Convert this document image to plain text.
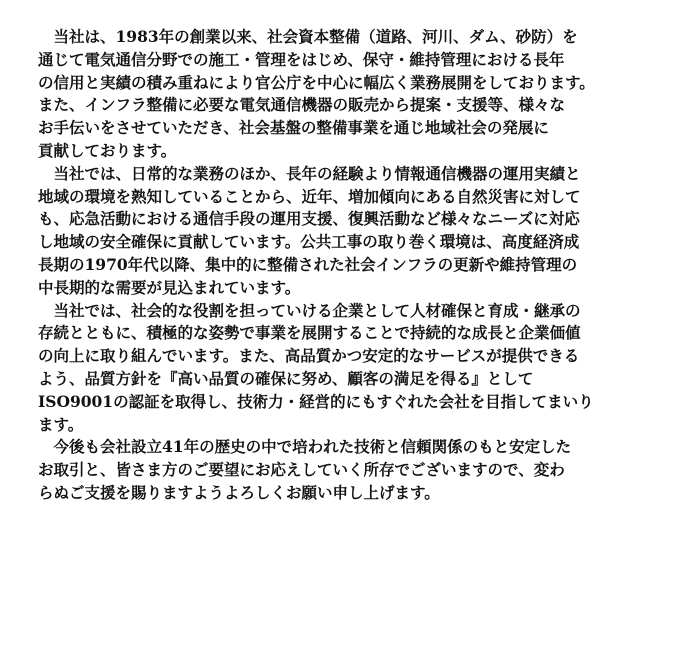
　当社は、1983年の創業以来、社会資本整備（道路、河川、ダム、砂防）を
通じて電気通信分野での施工・管理をはじめ、保守・維持管理における長年
の信用と実績の積み重ねにより官公庁を中心に幅広く業務展開をしております。
また、インフラ整備に必要な電気通信機器の販売から提案・支援等、様々な
お手伝いをさせていただき、社会基盤の整備事業を通じ地域社会の発展に
貢献しております。
　当社では、日常的な業務のほか、長年の経験より情報通信機器の運用実績と
地域の環境を熟知していることから、近年、増加傾向にある自然災害に対して
も、応急活動における通信手段の運用支援、復興活動など様々なニーズに対応
し地域の安全確保に貢献しています。公共工事の取り巻く環境は、高度経済成
長期の1970年代以降、集中的に整備された社会インフラの更新や維持管理の
中長期的な需要が見込まれています。
　当社では、社会的な役割を担っていける企業として人材確保と育成・継承の
存続とともに、積極的な姿勢で事業を展開することで持続的な成長と企業価値
の向上に取り組んでいます。また、高品質かつ安定的なサービスが提供できる
よう、品質方針を『高い品質の確保に努め、顧客の満足を得る』として
ISO9001の認証を取得し、技術力・経営的にもすぐれた会社を目指してまいり
ます。
　今後も会社設立41年の歴史の中で培われた技術と信頼関係のもと安定した
お取引と、皆さま方のご要望にお応えしていく所存でございますので、変わ
らぬご支援を賜りますようよろしくお願い申し上げます。
